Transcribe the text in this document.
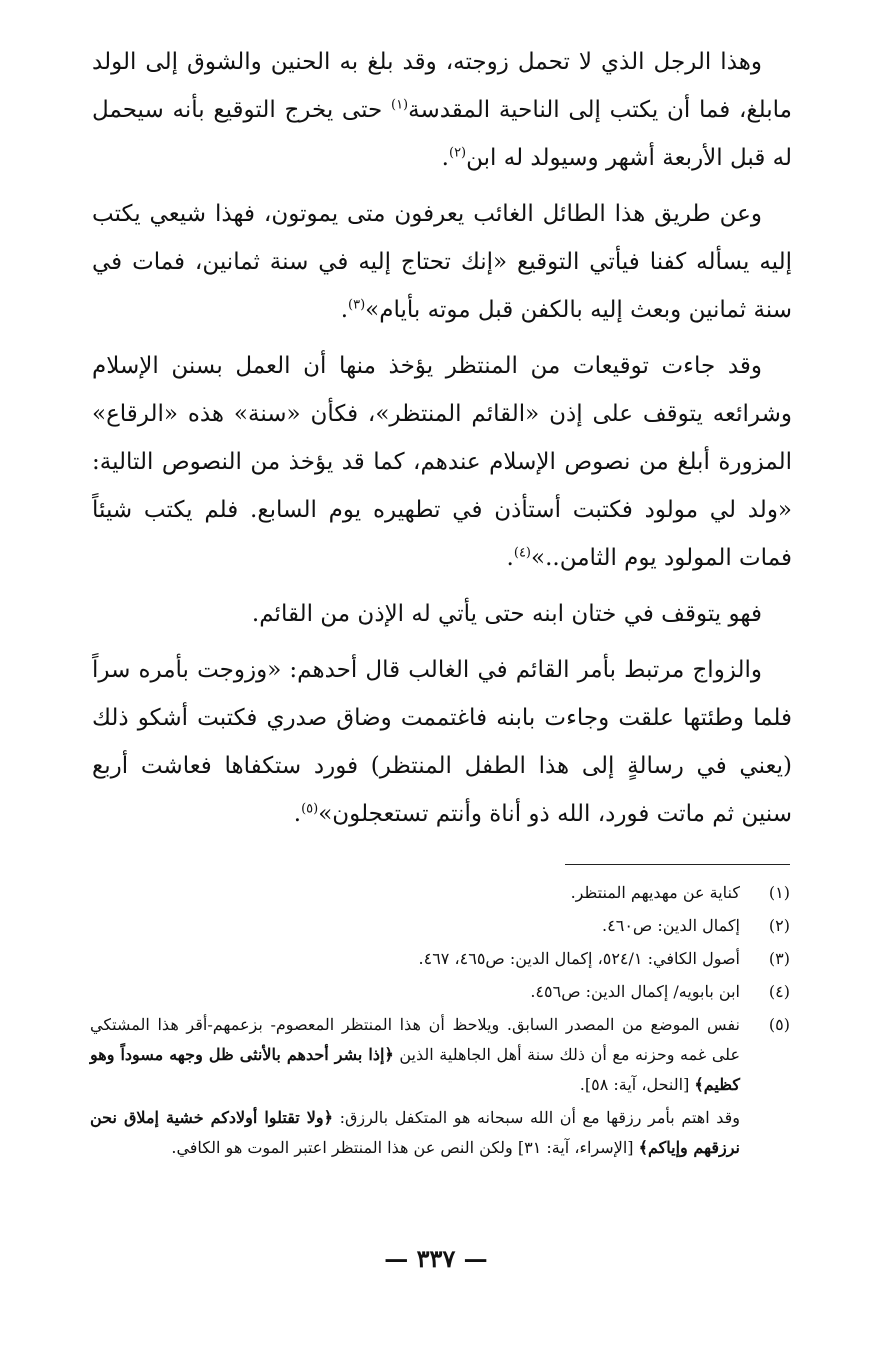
وهذا الرجل الذي لا تحمل زوجته، وقد بلغ به الحنين والشوق إلى الولد مابلغ، فما أن يكتب إلى الناحية المقدسة$^{(١)}$ حتى يخرج التوقيع بأنه سيحمل له قبل الأربعة أشهر وسيولد له ابن$^{(٢)}$.

وعن طريق هذا الطائل الغائب يعرفون متى يموتون، فهذا شيعي يكتب إليه يسأله كفنا فيأتي التوقيع «إنك تحتاج إليه في سنة ثمانين، فمات في سنة ثمانين وبعث إليه بالكفن قبل موته بأيام»$^{(٣)}$.

وقد جاءت توقيعات من المنتظر يؤخذ منها أن العمل بسنن الإسلام وشرائعه يتوقف على إذن «القائم المنتظر»، فكأن «سنة» هذه «الرقاع» المزورة أبلغ من نصوص الإسلام عندهم، كما قد يؤخذ من النصوص التالية: «ولد لي مولود فكتبت أستأذن في تطهيره يوم السابع. فلم يكتب شيئاً فمات المولود يوم الثامن..»$^{(٤)}$.

فهو يتوقف في ختان ابنه حتى يأتي له الإذن من القائم.

والزواج مرتبط بأمر القائم في الغالب قال أحدهم: «وزوجت بأمره سراً فلما وطئتها علقت وجاءت بابنه فاغتممت وضاق صدري فكتبت أشكو ذلك (يعني في رسالةٍ إلى هذا الطفل المنتظر) فورد ستكفاها فعاشت أربع سنين ثم ماتت فورد، الله ذو أناة وأنتم تستعجلون»$^{(٥)}$.

(١)
كناية عن مهديهم المنتظر.
(٢)
إكمال الدين: ص٤٦٠.
(٣)
أصول الكافي: ٥٢٤/١، إكمال الدين: ص٤٦٥، ٤٦٧.
(٤)
ابن بابويه/ إكمال الدين: ص٤٥٦.
(٥)
نفس الموضع من المصدر السابق. ويلاحظ أن هذا المنتظر المعصوم- بزعمهم-أقر هذا المشتكي على غمه وحزنه مع أن ذلك سنة أهل الجاهلية الذين ﴿إذا بشر أحدهم بالأنثى ظل وجهه مسوداً وهو كظيم﴾ [النحل، آية: ٥٨].
وقد اهتم بأمر رزقها مع أن الله سبحانه هو المتكفل بالرزق: ﴿ولا تقتلوا أولادكم خشية إملاق نحن نرزقهم وإياكم﴾ [الإسراء، آية: ٣١] ولكن النص عن هذا المنتظر اعتبر الموت هو الكافي.
— ٣٣٧ —
